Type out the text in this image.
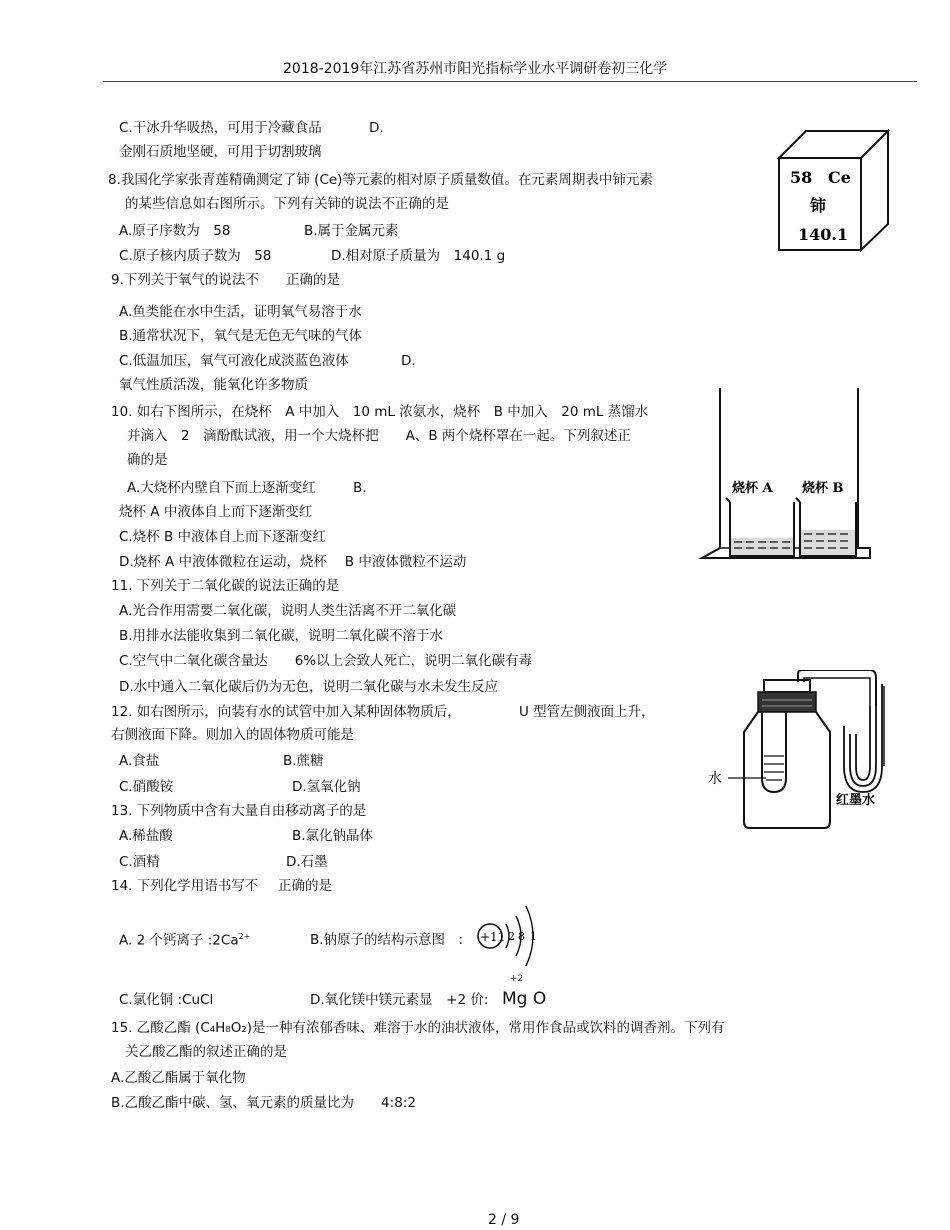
2018-2019年江苏省苏州市阳光指标学业水平调研卷初三化学
C.干冰升华吸热，可用于冷藏食品	D.
金刚石质地坚硬，可用于切割玻璃
8.我国化学家张青莲精确测定了铈 (Ce)等元素的相对原子质量数值。在元素周期表中铈元素
的某些信息如右图所示。下列有关铈的说法不正确的是
A.原子序数为　58	B.属于金属元素
C.原子核内质子数为　58	D.相对原子质量为　140.1 g
58 Ce
铈
140.1
9.下列关于氧气的说法不 正确的是
A.鱼类能在水中生活，证明氧气易溶于水
B.通常状况下，氧气是无色无气味的气体
C.低温加压，氧气可液化成淡蓝色液体	D.
氧气性质活泼，能氧化许多物质
10. 如右下图所示，在烧杯　A 中加入　10 mL 浓氨水，烧杯　B 中加入　20 mL 蒸馏水
并滴入　2　滴酚酞试液，用一个大烧杯把　　A、B 两个烧杯罩在一起。下列叙述正
确的是
A.大烧杯内壁自下而上逐渐变红	B.
烧杯 A 中液体自上而下逐渐变红
C.烧杯 B 中液体自上而下逐渐变红
D.烧杯 A 中液体微粒在运动，烧杯　 B 中液体微粒不运动
烧杯 A 烧杯 B
11. 下列关于二氧化碳的说法正确的是
A.光合作用需要二氧化碳，说明人类生活离不开二氧化碳
B.用排水法能收集到二氧化碳，说明二氧化碳不溶于水
C.空气中二氧化碳含量达　　6%以上会致人死亡，说明二氧化碳有毒
D.水中通入二氧化碳后仍为无色，说明二氧化碳与水未发生反应
12. 如右图所示，向装有水的试管中加入某种固体物质后，	U 型管左侧液面上升，
右侧液面下降。则加入的固体物质可能是
A.食盐	B.蔗糖
C.硝酸铵	D.氢氧化钠	水
红墨水
13. 下列物质中含有大量自由移动离子的是
A.稀盐酸	B.氯化钠晶体
C.酒精	D.石墨
14. 下列化学用语书写不 正确的是
A. 2 个钙离子 $:2Ca^{2+}$	B.钠原子的结构示意图　: +11 2 8 1
C.氯化铜 :CuCl	D.氧化镁中镁元素显　+2 价:
+2
Mg O
15. 乙酸乙酯 (C₄H₈O₂)是一种有浓郁香味、难溶于水的油状液体，常用作食品或饮料的调香剂。下列有
关乙酸乙酯的叙述正确的是
A.乙酸乙酯属于氧化物
B.乙酸乙酯中碳、氢、氧元素的质量比为　　4:8:2
2 / 9
